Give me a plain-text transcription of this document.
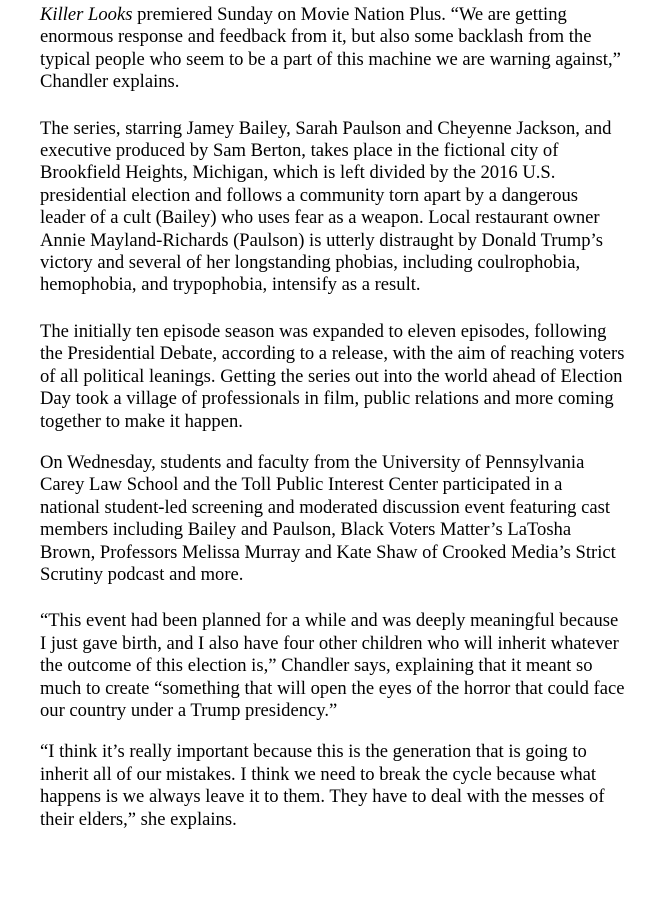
Killer Looks premiered Sunday on Movie Nation Plus. “We are getting enormous response and feedback from it, but also some backlash from the typical people who seem to be a part of this machine we are warning against,” Chandler explains.

The series, starring Jamey Bailey, Sarah Paulson and Cheyenne Jackson, and executive produced by Sam Berton, takes place in the fictional city of Brookfield Heights, Michigan, which is left divided by the 2016 U.S. presidential election and follows a community torn apart by a dangerous leader of a cult (Bailey) who uses fear as a weapon. Local restaurant owner Annie Mayland-Richards (Paulson) is utterly distraught by Donald Trump’s victory and several of her longstanding phobias, including coulrophobia, hemophobia, and trypophobia, intensify as a result.

The initially ten episode season was expanded to eleven episodes, following the Presidential Debate, according to a release, with the aim of reaching voters of all political leanings. Getting the series out into the world ahead of Election Day took a village of professionals in film, public relations and more coming together to make it happen.

On Wednesday, students and faculty from the University of Pennsylvania Carey Law School and the Toll Public Interest Center participated in a national student-led screening and moderated discussion event featuring cast members including Bailey and Paulson, Black Voters Matter’s LaTosha Brown, Professors Melissa Murray and Kate Shaw of Crooked Media’s Strict Scrutiny podcast and more.

“This event had been planned for a while and was deeply meaningful because I just gave birth, and I also have four other children who will inherit whatever the outcome of this election is,” Chandler says, explaining that it meant so much to create “something that will open the eyes of the horror that could face our country under a Trump presidency.”

“I think it’s really important because this is the generation that is going to inherit all of our mistakes. I think we need to break the cycle because what happens is we always leave it to them. They have to deal with the messes of their elders,” she explains.
